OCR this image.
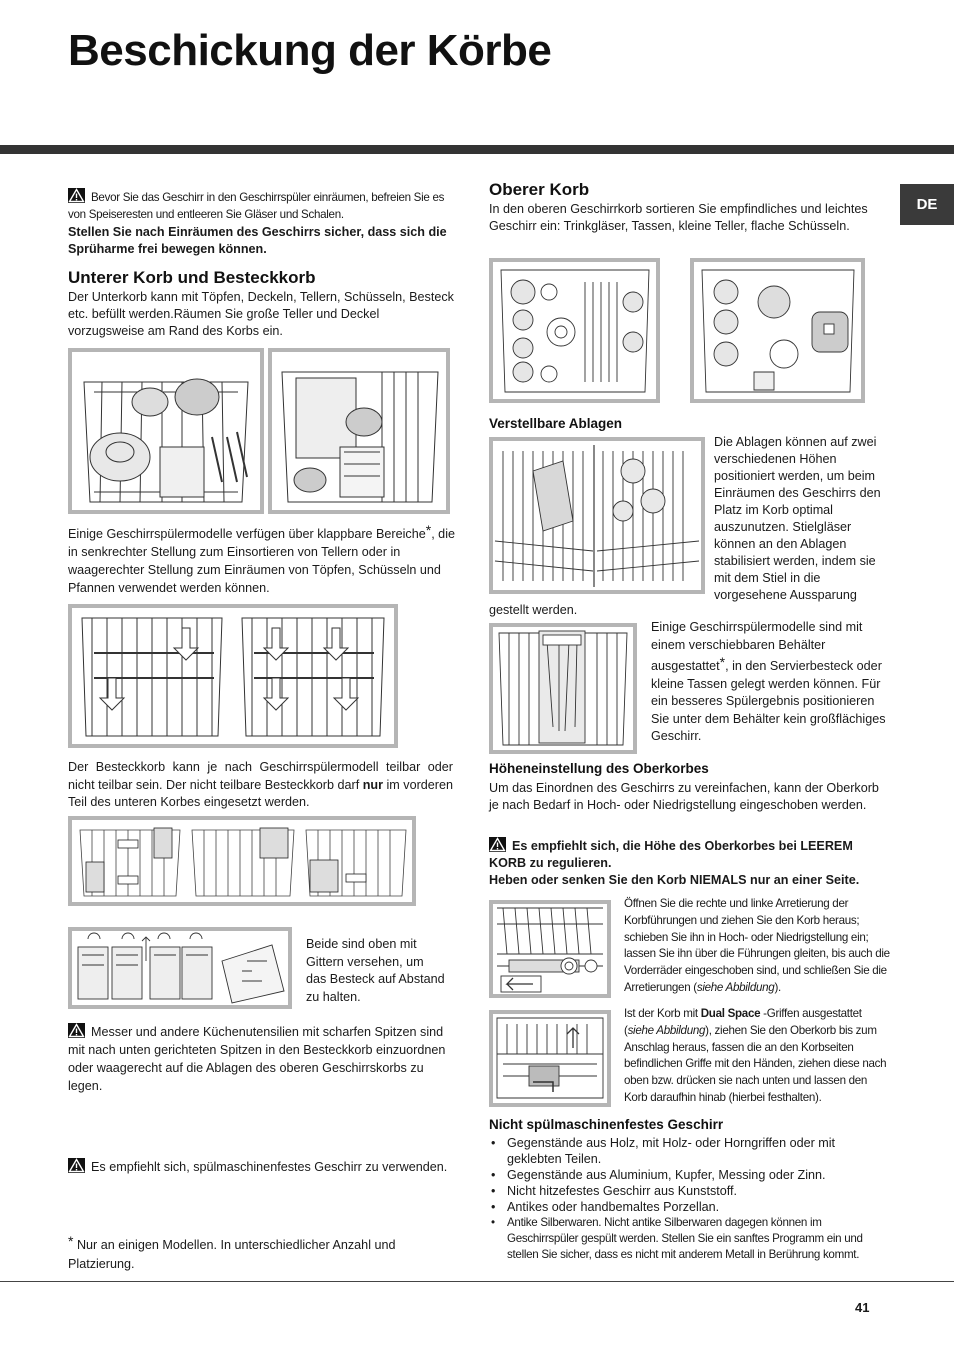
Beschickung der Körbe
DE
Bevor Sie das Geschirr in den Geschirrspüler einräumen, befreien Sie es von Speiseresten und entleeren Sie Gläser und Schalen.
Stellen Sie nach Einräumen des Geschirrs sicher, dass sich die Sprüharme frei bewegen können.
Unterer Korb und Besteckkorb

Der Unterkorb kann mit Töpfen, Deckeln, Tellern, Schüsseln, Besteck etc. befüllt werden.Räumen Sie große Teller und Deckel vorzugsweise am Rand des Korbs ein.

Einige Geschirrspülermodelle verfügen über klappbare Bereiche*, die in senkrechter Stellung zum Einsortieren von Tellern oder in waagerechter Stellung zum Einräumen von Töpfen, Schüsseln und Pfannen verwendet werden können.

Der Besteckkorb kann je nach Geschirrspülermodell teilbar oder nicht teilbar sein. Der nicht teilbare Besteckkorb darf nur im vorderen Teil des unteren Korbes eingesetzt werden.

Beide sind oben mit Gittern versehen, um das Besteck auf Abstand zu halten.

Messer und andere Küchenutensilien mit scharfen Spitzen sind mit nach unten gerichteten Spitzen in den Besteckkorb einzuordnen oder waagerecht auf die Ablagen des oberen Geschirrskorbs zu legen.
Es empfiehlt sich, spülmaschinenfestes Geschirr zu verwenden.
* Nur an einigen Modellen. In unterschiedlicher Anzahl und Platzierung.
Oberer Korb

In den oberen Geschirrkorb sortieren Sie empfindliches und leichtes Geschirr ein: Trinkgläser, Tassen, kleine Teller, flache Schüsseln.

Verstellbare Ablagen

Die Ablagen können auf zwei verschiedenen Höhen positioniert werden, um beim Einräumen des Geschirrs den Platz im Korb optimal auszunutzen. Stielgläser können an den Ablagen stabilisiert werden, indem sie mit dem Stiel in die vorgesehene Aussparung

gestellt werden.

Einige Geschirrspülermodelle sind mit einem verschiebbaren Behälter ausgestattet*, in den Servierbesteck oder kleine Tassen gelegt werden können. Für ein besseres Spülergebnis positionieren Sie unter dem Behälter kein großflächiges Geschirr.

Höheneinstellung des Oberkorbes

Um das Einordnen des Geschirrs zu vereinfachen, kann der Oberkorb je nach Bedarf in Hoch- oder Niedrigstellung eingeschoben werden.

Es empfiehlt sich, die Höhe des Oberkorbes bei LEEREM KORB zu regulieren.
Heben oder senken Sie den Korb NIEMALS nur an einer Seite.

Öffnen Sie die rechte und linke Arretierung der Korbführungen und ziehen Sie den Korb heraus; schieben Sie ihn in Hoch- oder Niedrigstellung ein; lassen Sie ihn über die Führungen gleiten, bis auch die Vorderräder eingeschoben sind, und schließen Sie die Arretierungen (siehe Abbildung).

Ist der Korb mit Dual Space -Griffen ausgestattet (siehe Abbildung), ziehen Sie den Oberkorb bis zum Anschlag heraus, fassen die an den Korbseiten befindlichen Griffe mit den Händen, ziehen diese nach oben bzw. drücken sie nach unten und lassen den Korb daraufhin hinab (hierbei festhalten).

Nicht spülmaschinenfestes Geschirr
• Gegenstände aus Holz, mit Holz- oder Horngriffen oder mit geklebten Teilen.
• Gegenstände aus Aluminium, Kupfer, Messing oder Zinn.
• Nicht hitzefestes Geschirr aus Kunststoff.
• Antikes oder handbemaltes Porzellan.
• Antike Silberwaren. Nicht antike Silberwaren dagegen können im Geschirrspüler gespült werden. Stellen Sie ein sanftes Programm ein und stellen Sie sicher, dass es nicht mit anderem Metall in Berührung kommt.
41
